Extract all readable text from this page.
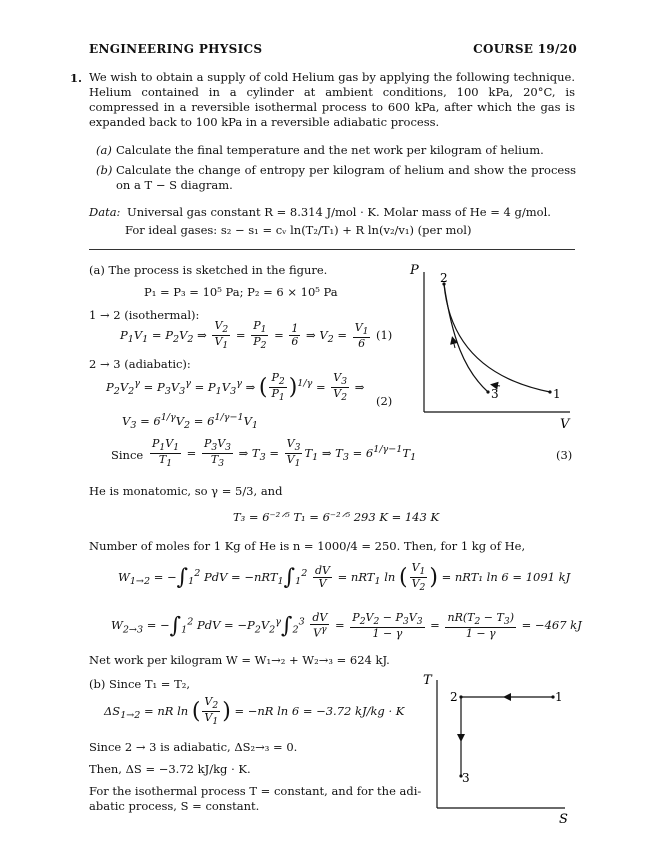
ENGINEERING PHYSICS	COURSE 19/20
1. We wish to obtain a supply of cold Helium gas by applying the following technique. Helium contained in a cylinder at ambient conditions, 100 kPa, 20°C, is compressed in a reversible isothermal process to 600 kPa, after which the gas is expanded back to 100 kPa in a reversible adiabatic process.
(a) Calculate the final temperature and the net work per kilogram of helium.
(b) Calculate the change of entropy per kilogram of helium and show the process on a T − S diagram.
Data: Universal gas constant R = 8.314 J/mol · K. Molar mass of He = 4 g/mol.
For ideal gases: s₂ − s₁ = cᵥ ln(T₂/T₁) + R ln(v₂/v₁) (per mol)
(a) The process is sketched in the figure.
P₁ = P₃ = 10⁵ Pa; P₂ = 6 × 10⁵ Pa
1 → 2 (isothermal):
$P_1V_1 = P_2V_2$ ⇒ $\frac{V_2}{V_1} = \frac{P_1}{P_2} = \frac{1}{6}$ ⇒ $V_2 = \frac{V_1}{6} (1)$
2 → 3 (adiabatic):
$P_2V_2^\gamma = P_3V_3^\gamma = P_1V_3^\gamma$ ⇒ ( $\frac{P_2}{P_1} )^{1/\gamma} = \frac{V_3}{V_2}$ ⇒
(2)
$V_3 = 6^{1/\gamma}V_2 = 6^{1/\gamma-1}V_1$
Since $\frac{P_1V_1}{T_1} = \frac{P_3V_3}{T_3}$ ⇒ $T_3 = \frac{V_3}{V_1} T_1$ ⇒ $T_3 = 6^{1/\gamma-1}T_1$	(3)
He is monatomic, so γ = 5/3, and
T₃ = 6⁻²ᐟ⁵ T₁ = 6⁻²ᐟ⁵ 293 K = 143 K
Number of moles for 1 Kg of He is n = 1000/4 = 250. Then, for 1 kg of He,
$W_{1\to 2} = -\int_1^2$ PdV = $-nRT_1\int_1^2 \frac{dV}{V} = nRT_1$ ln ( $\frac{V_1}{V_2}$ ) = nRT₁ ln 6 = 1091 kJ
$W_{2\to 3} = -\int_1^2$ PdV = $-P_2V_2^\gamma\int_2^3 \frac{dV}{V^\gamma} = \frac{P_2V_2 - P_3V_3}{1 - \gamma} = \frac{nR(T_2 - T_3)}{1 - \gamma} = -467$ kJ
Net work per kilogram W = W₁→₂ + W₂→₃ = 624 kJ.
(b) Since T₁ = T₂,
$\Delta S_{1\to 2}$ = nR ln ( $\frac{V_2}{V_1}$ ) = −nR ln 6 = −3.72 kJ/kg · K
Since 2 → 3 is adiabatic, ΔS₂→₃ = 0.
Then, ΔS = −3.72 kJ/kg · K.
For the isothermal process T = constant, and for the adi-
abatic process, S = constant.
P
V
2
3	1
T
S
2	1
3
